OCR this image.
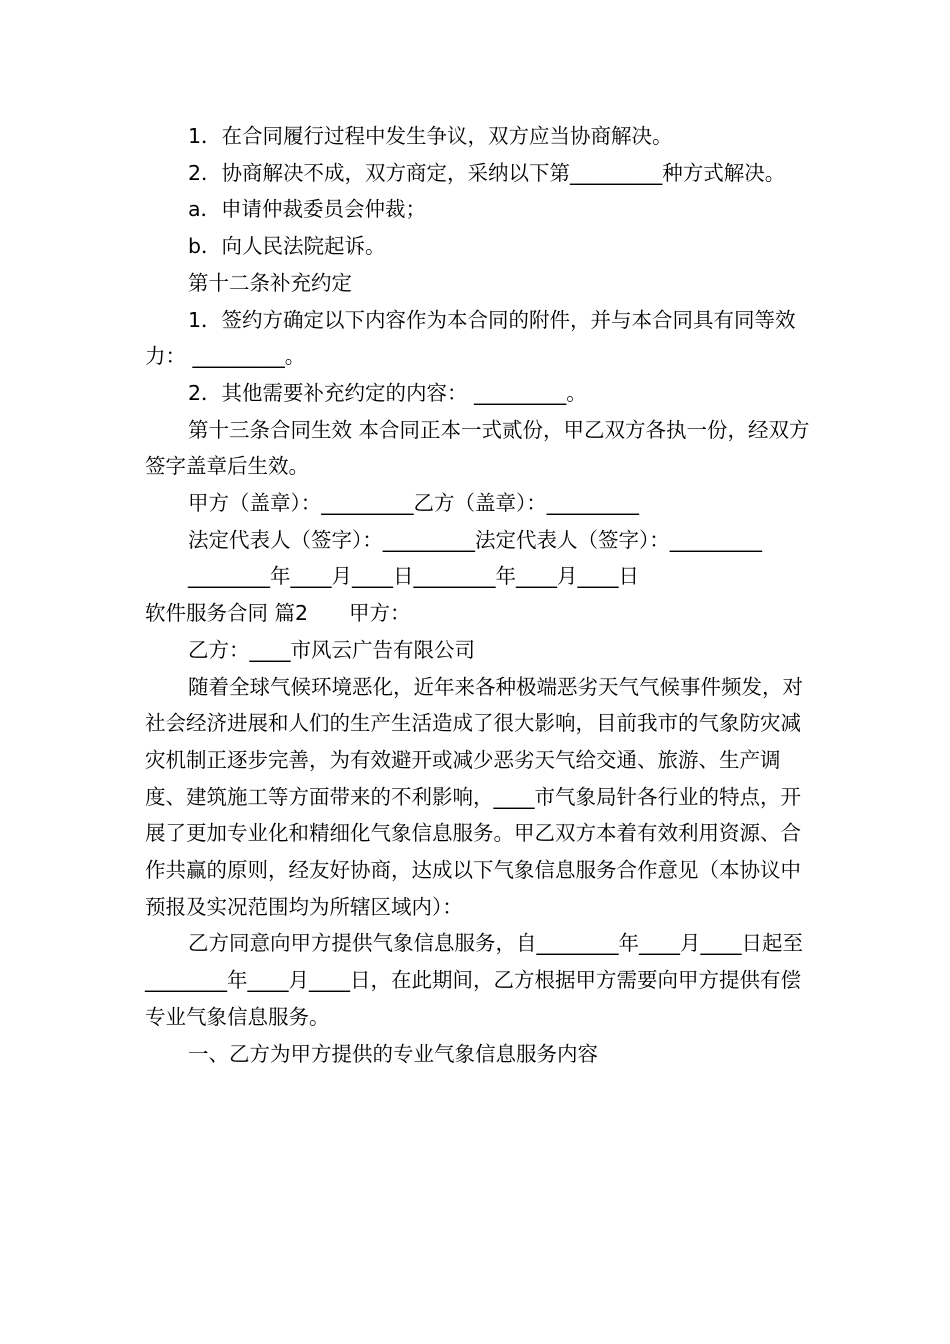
1．在合同履行过程中发生争议，双方应当协商解决。

2．协商解决不成，双方商定，采纳以下第_________种方式解决。

a．申请仲裁委员会仲裁；

b．向人民法院起诉。

第十二条补充约定

1．签约方确定以下内容作为本合同的附件，并与本合同具有同等效力： _________。

2．其他需要补充约定的内容： _________。

第十三条合同生效 本合同正本一式贰份，甲乙双方各执一份，经双方签字盖章后生效。

甲方（盖章）：_________乙方（盖章）：_________

法定代表人（签字）：_________法定代表人（签字）：_________

________年____月____日________年____月____日

软件服务合同 篇2　　甲方：

乙方：____市风云广告有限公司

随着全球气候环境恶化，近年来各种极端恶劣天气气候事件频发，对社会经济进展和人们的生产生活造成了很大影响，目前我市的气象防灾减灾机制正逐步完善，为有效避开或减少恶劣天气给交通、旅游、生产调度、建筑施工等方面带来的不利影响，____市气象局针各行业的特点，开展了更加专业化和精细化气象信息服务。甲乙双方本着有效利用资源、合作共赢的原则，经友好协商，达成以下气象信息服务合作意见（本协议中预报及实况范围均为所辖区域内）：

乙方同意向甲方提供气象信息服务，自________年____月____日起至________年____月____日，在此期间，乙方根据甲方需要向甲方提供有偿专业气象信息服务。

一、乙方为甲方提供的专业气象信息服务内容
